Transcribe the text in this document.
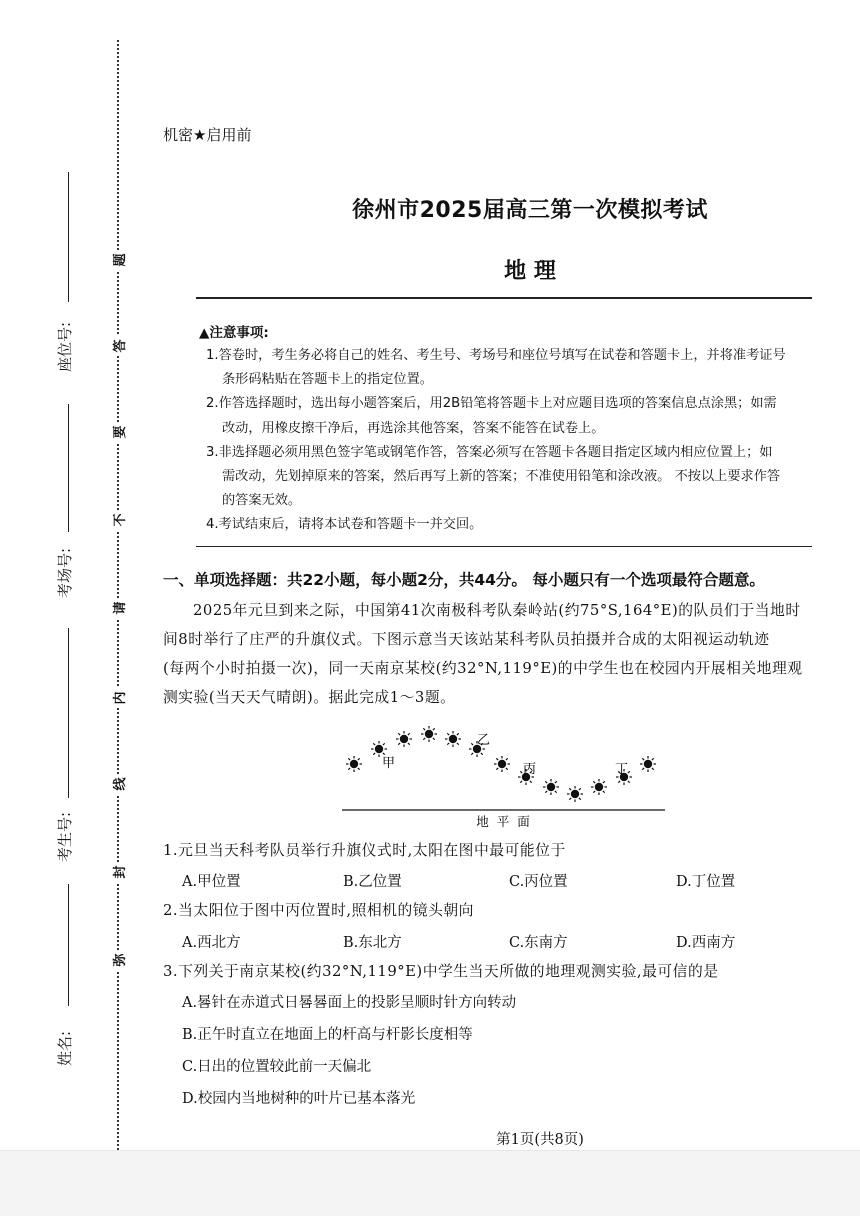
题
答
要
不
请
内
线
封
弥
座位号:
考场号:
考生号:
姓名:
机密★启用前
徐州市2025届高三第一次模拟考试
地 理
▲注意事项:

1.答卷时，考生务必将自己的姓名、考生号、考场号和座位号填写在试卷和答题卡上，并将准考证号

条形码粘贴在答题卡上的指定位置。

2.作答选择题时，选出每小题答案后，用2B铅笔将答题卡上对应题目选项的答案信息点涂黑；如需

改动，用橡皮擦干净后，再选涂其他答案，答案不能答在试卷上。

3.非选择题必须用黑色签字笔或钢笔作答，答案必须写在答题卡各题目指定区域内相应位置上；如

需改动，先划掉原来的答案，然后再写上新的答案；不准使用铅笔和涂改液。 不按以上要求作答

的答案无效。

4.考试结束后，请将本试卷和答题卡一并交回。

一、单项选择题：共22小题，每小题2分，共44分。 每小题只有一个选项最符合题意。
2025年元旦到来之际，中国第41次南极科考队秦岭站(约75°S,164°E)的队员们于当地时
间8时举行了庄严的升旗仪式。下图示意当天该站某科考队员拍摄并合成的太阳视运动轨迹
(每两个小时拍摄一次)，同一天南京某校(约32°N,119°E)的中学生也在校园内开展相关地理观
测实验(当天天气晴朗)。据此完成1～3题。
甲
乙
丙	丁
地  平  面
1.元旦当天科考队员举行升旗仪式时,太阳在图中最可能位于
A.甲位置	B.乙位置	C.丙位置	D.丁位置
2.当太阳位于图中丙位置时,照相机的镜头朝向
A.西北方	B.东北方	C.东南方	D.西南方
3.下列关于南京某校(约32°N,119°E)中学生当天所做的地理观测实验,最可信的是
A.晷针在赤道式日晷晷面上的投影呈顺时针方向转动
B.正午时直立在地面上的杆高与杆影长度相等
C.日出的位置较此前一天偏北
D.校园内当地树种的叶片已基本落光
第1页(共8页)
